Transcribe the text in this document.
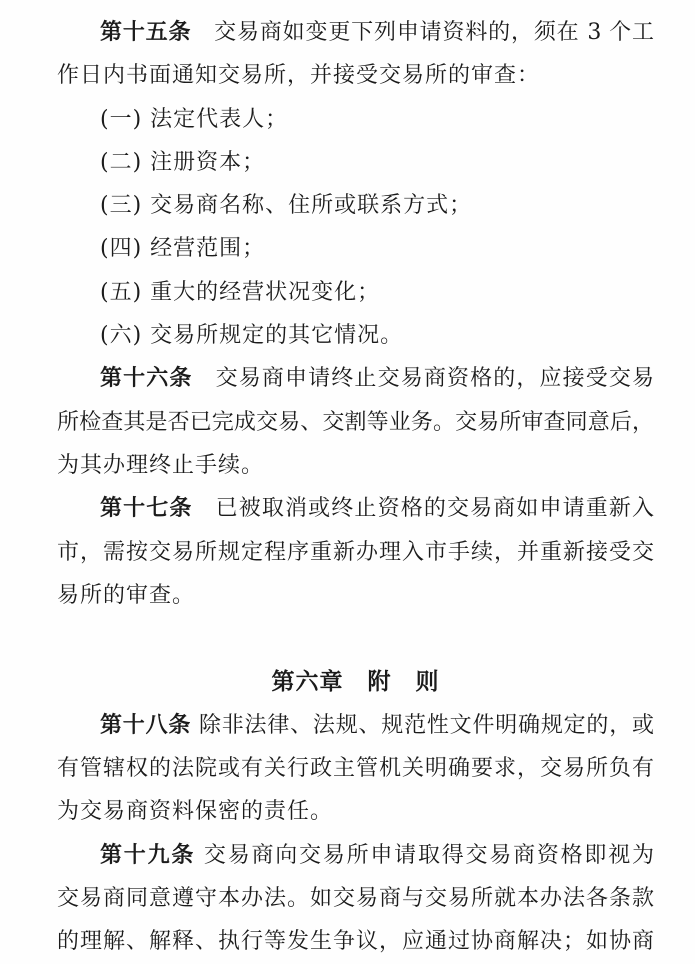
第十五条　交易商如变更下列申请资料的，须在 3 个工
作日内书面通知交易所，并接受交易所的审查：
(一) 法定代表人；
(二) 注册资本；
(三) 交易商名称、住所或联系方式；
(四) 经营范围；
(五) 重大的经营状况变化；
(六) 交易所规定的其它情况。
第十六条　交易商申请终止交易商资格的，应接受交易
所检查其是否已完成交易、交割等业务。交易所审查同意后，
为其办理终止手续。
第十七条　已被取消或终止资格的交易商如申请重新入
市，需按交易所规定程序重新办理入市手续，并重新接受交
易所的审查。
第六章　附　则
第十八条 除非法律、法规、规范性文件明确规定的，或
有管辖权的法院或有关行政主管机关明确要求，交易所负有
为交易商资料保密的责任。
第十九条 交易商向交易所申请取得交易商资格即视为
交易商同意遵守本办法。如交易商与交易所就本办法各条款
的理解、解释、执行等发生争议，应通过协商解决；如协商
